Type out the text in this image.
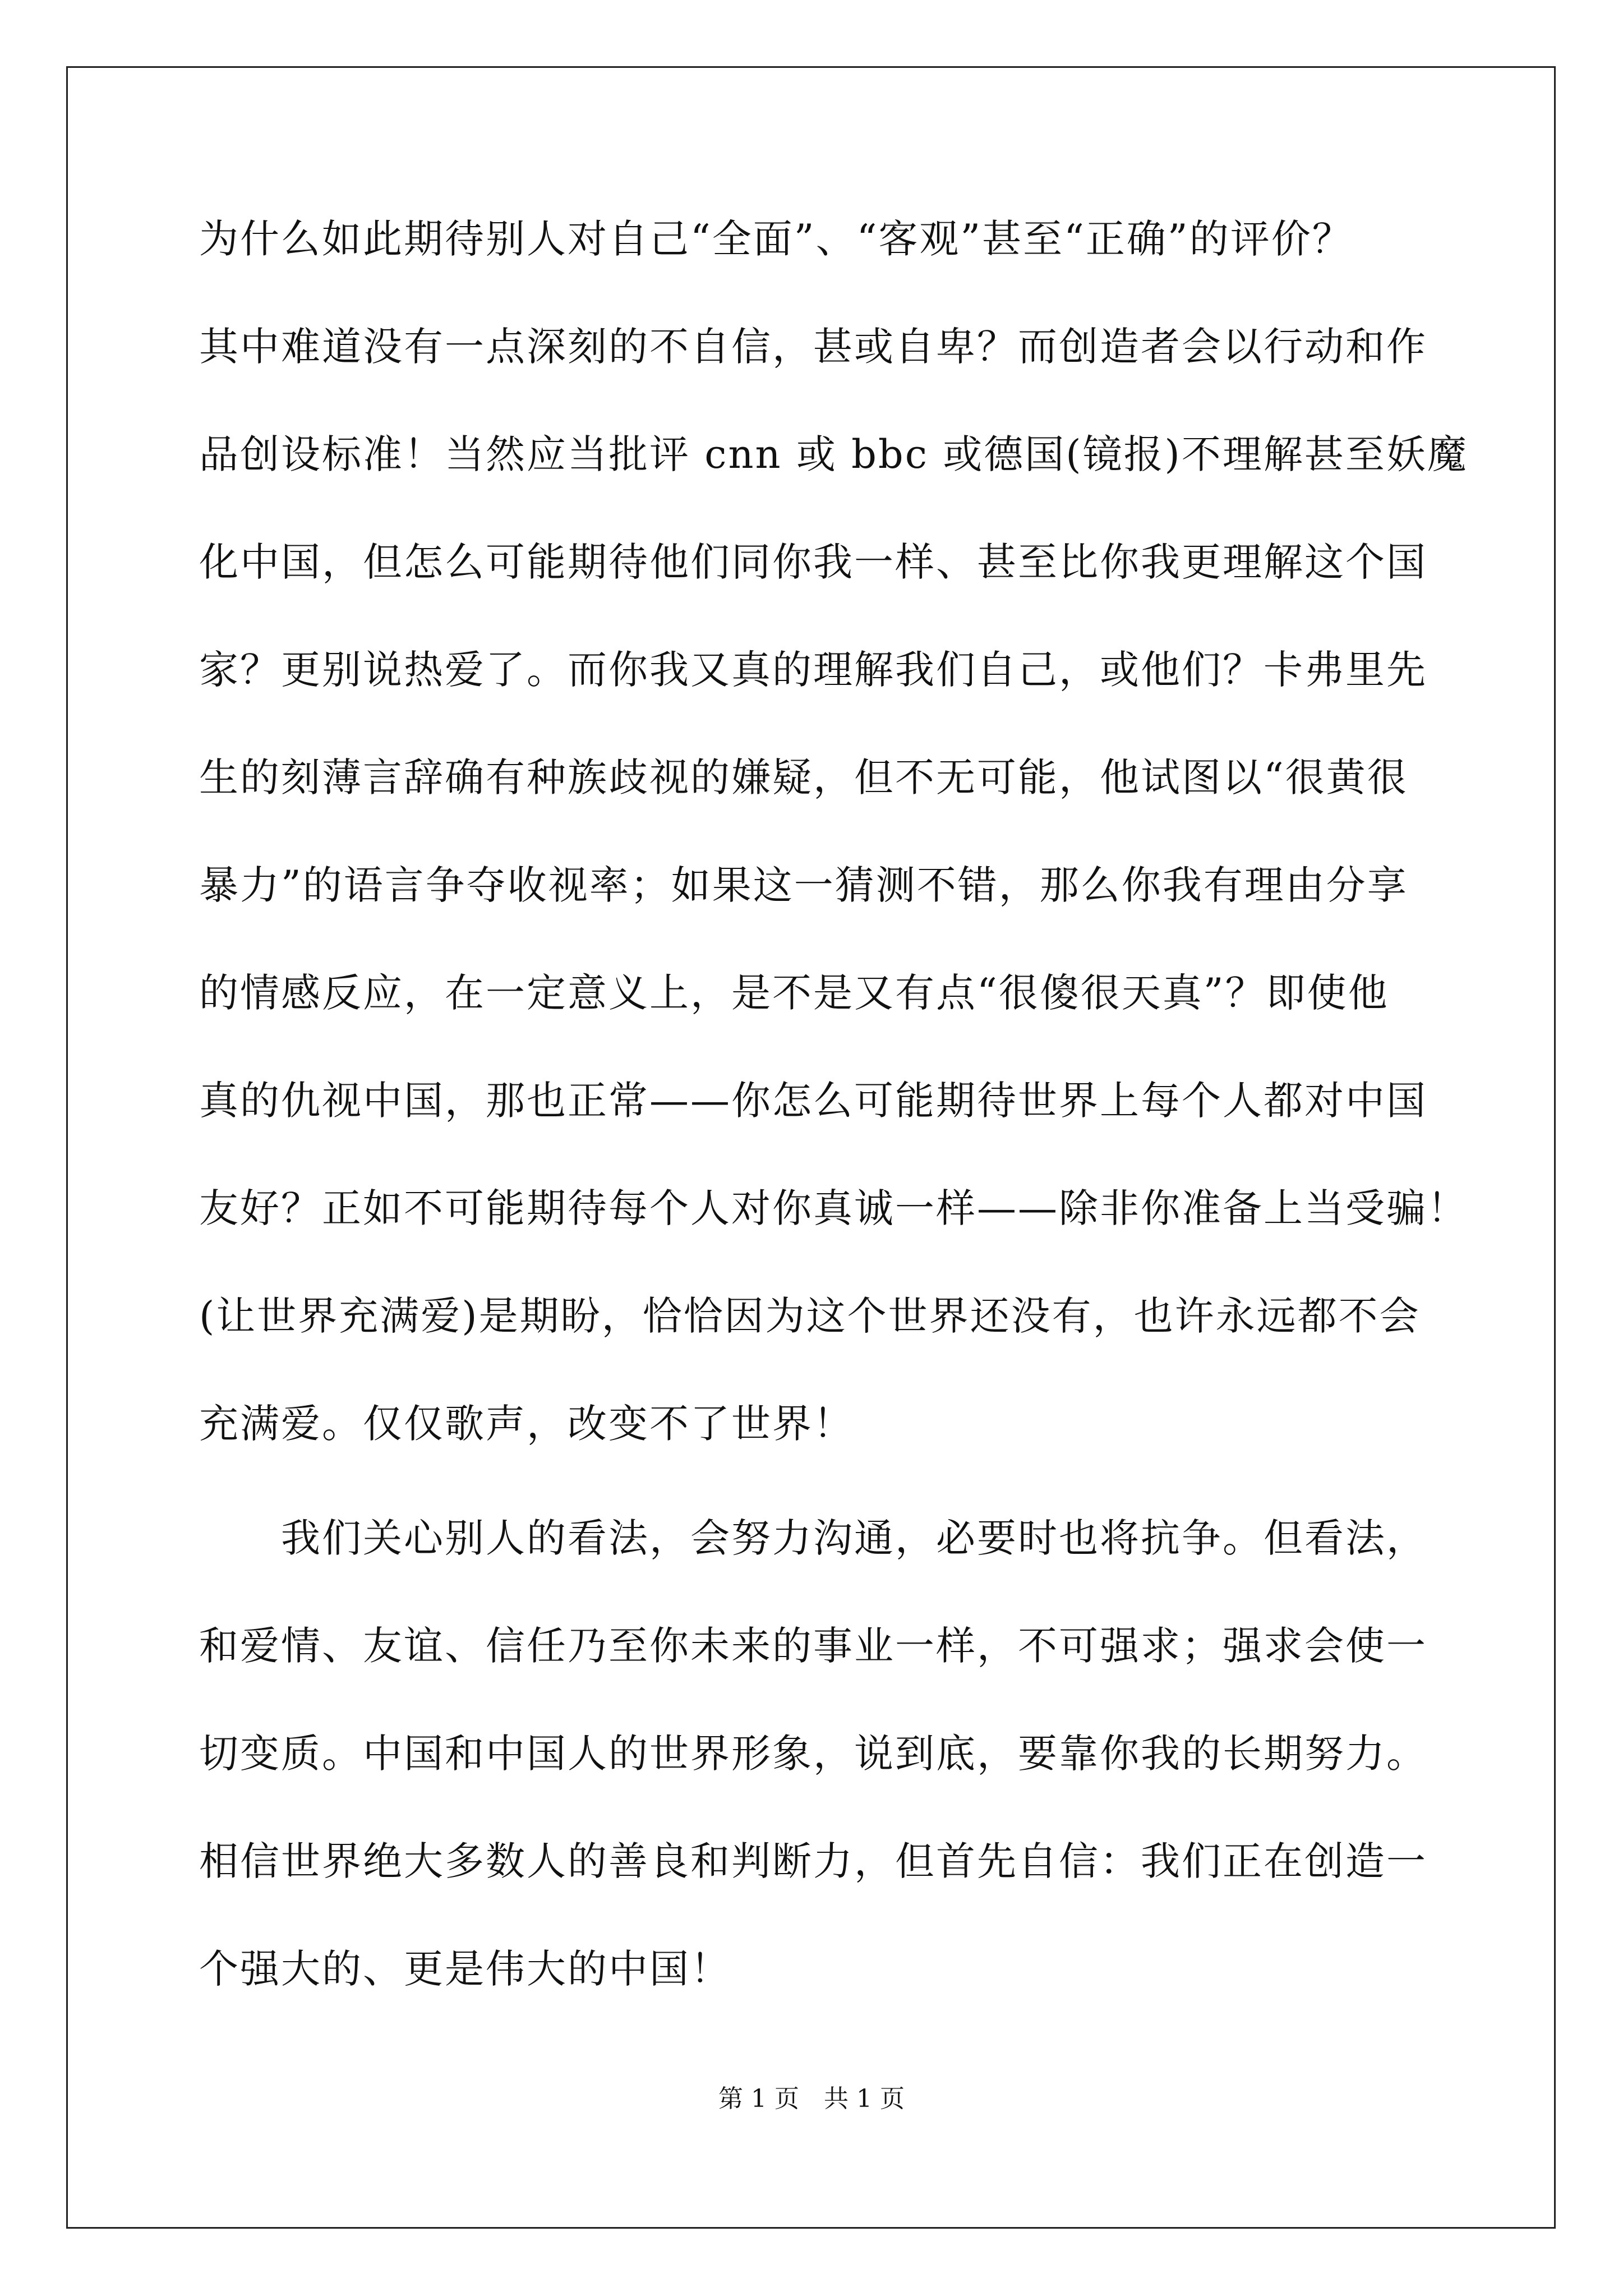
为什么如此期待别人对自己“全面”、“客观”甚至“正确”的评价？
其中难道没有一点深刻的不自信，甚或自卑？而创造者会以行动和作
品创设标准！当然应当批评 cnn 或 bbc 或德国(镜报)不理解甚至妖魔
化中国，但怎么可能期待他们同你我一样、甚至比你我更理解这个国
家？更别说热爱了。而你我又真的理解我们自己，或他们？卡弗里先
生的刻薄言辞确有种族歧视的嫌疑，但不无可能，他试图以“很黄很
暴力”的语言争夺收视率；如果这一猜测不错，那么你我有理由分享
的情感反应，在一定意义上，是不是又有点“很傻很天真”？即使他
真的仇视中国，那也正常——你怎么可能期待世界上每个人都对中国
友好？正如不可能期待每个人对你真诚一样——除非你准备上当受骗！
(让世界充满爱)是期盼，恰恰因为这个世界还没有，也许永远都不会
充满爱。仅仅歌声，改变不了世界！
我们关心别人的看法，会努力沟通，必要时也将抗争。但看法，
和爱情、友谊、信任乃至你未来的事业一样，不可强求；强求会使一
切变质。中国和中国人的世界形象，说到底，要靠你我的长期努力。
相信世界绝大多数人的善良和判断力，但首先自信：我们正在创造一
个强大的、更是伟大的中国！
第 1 页 共 1 页
